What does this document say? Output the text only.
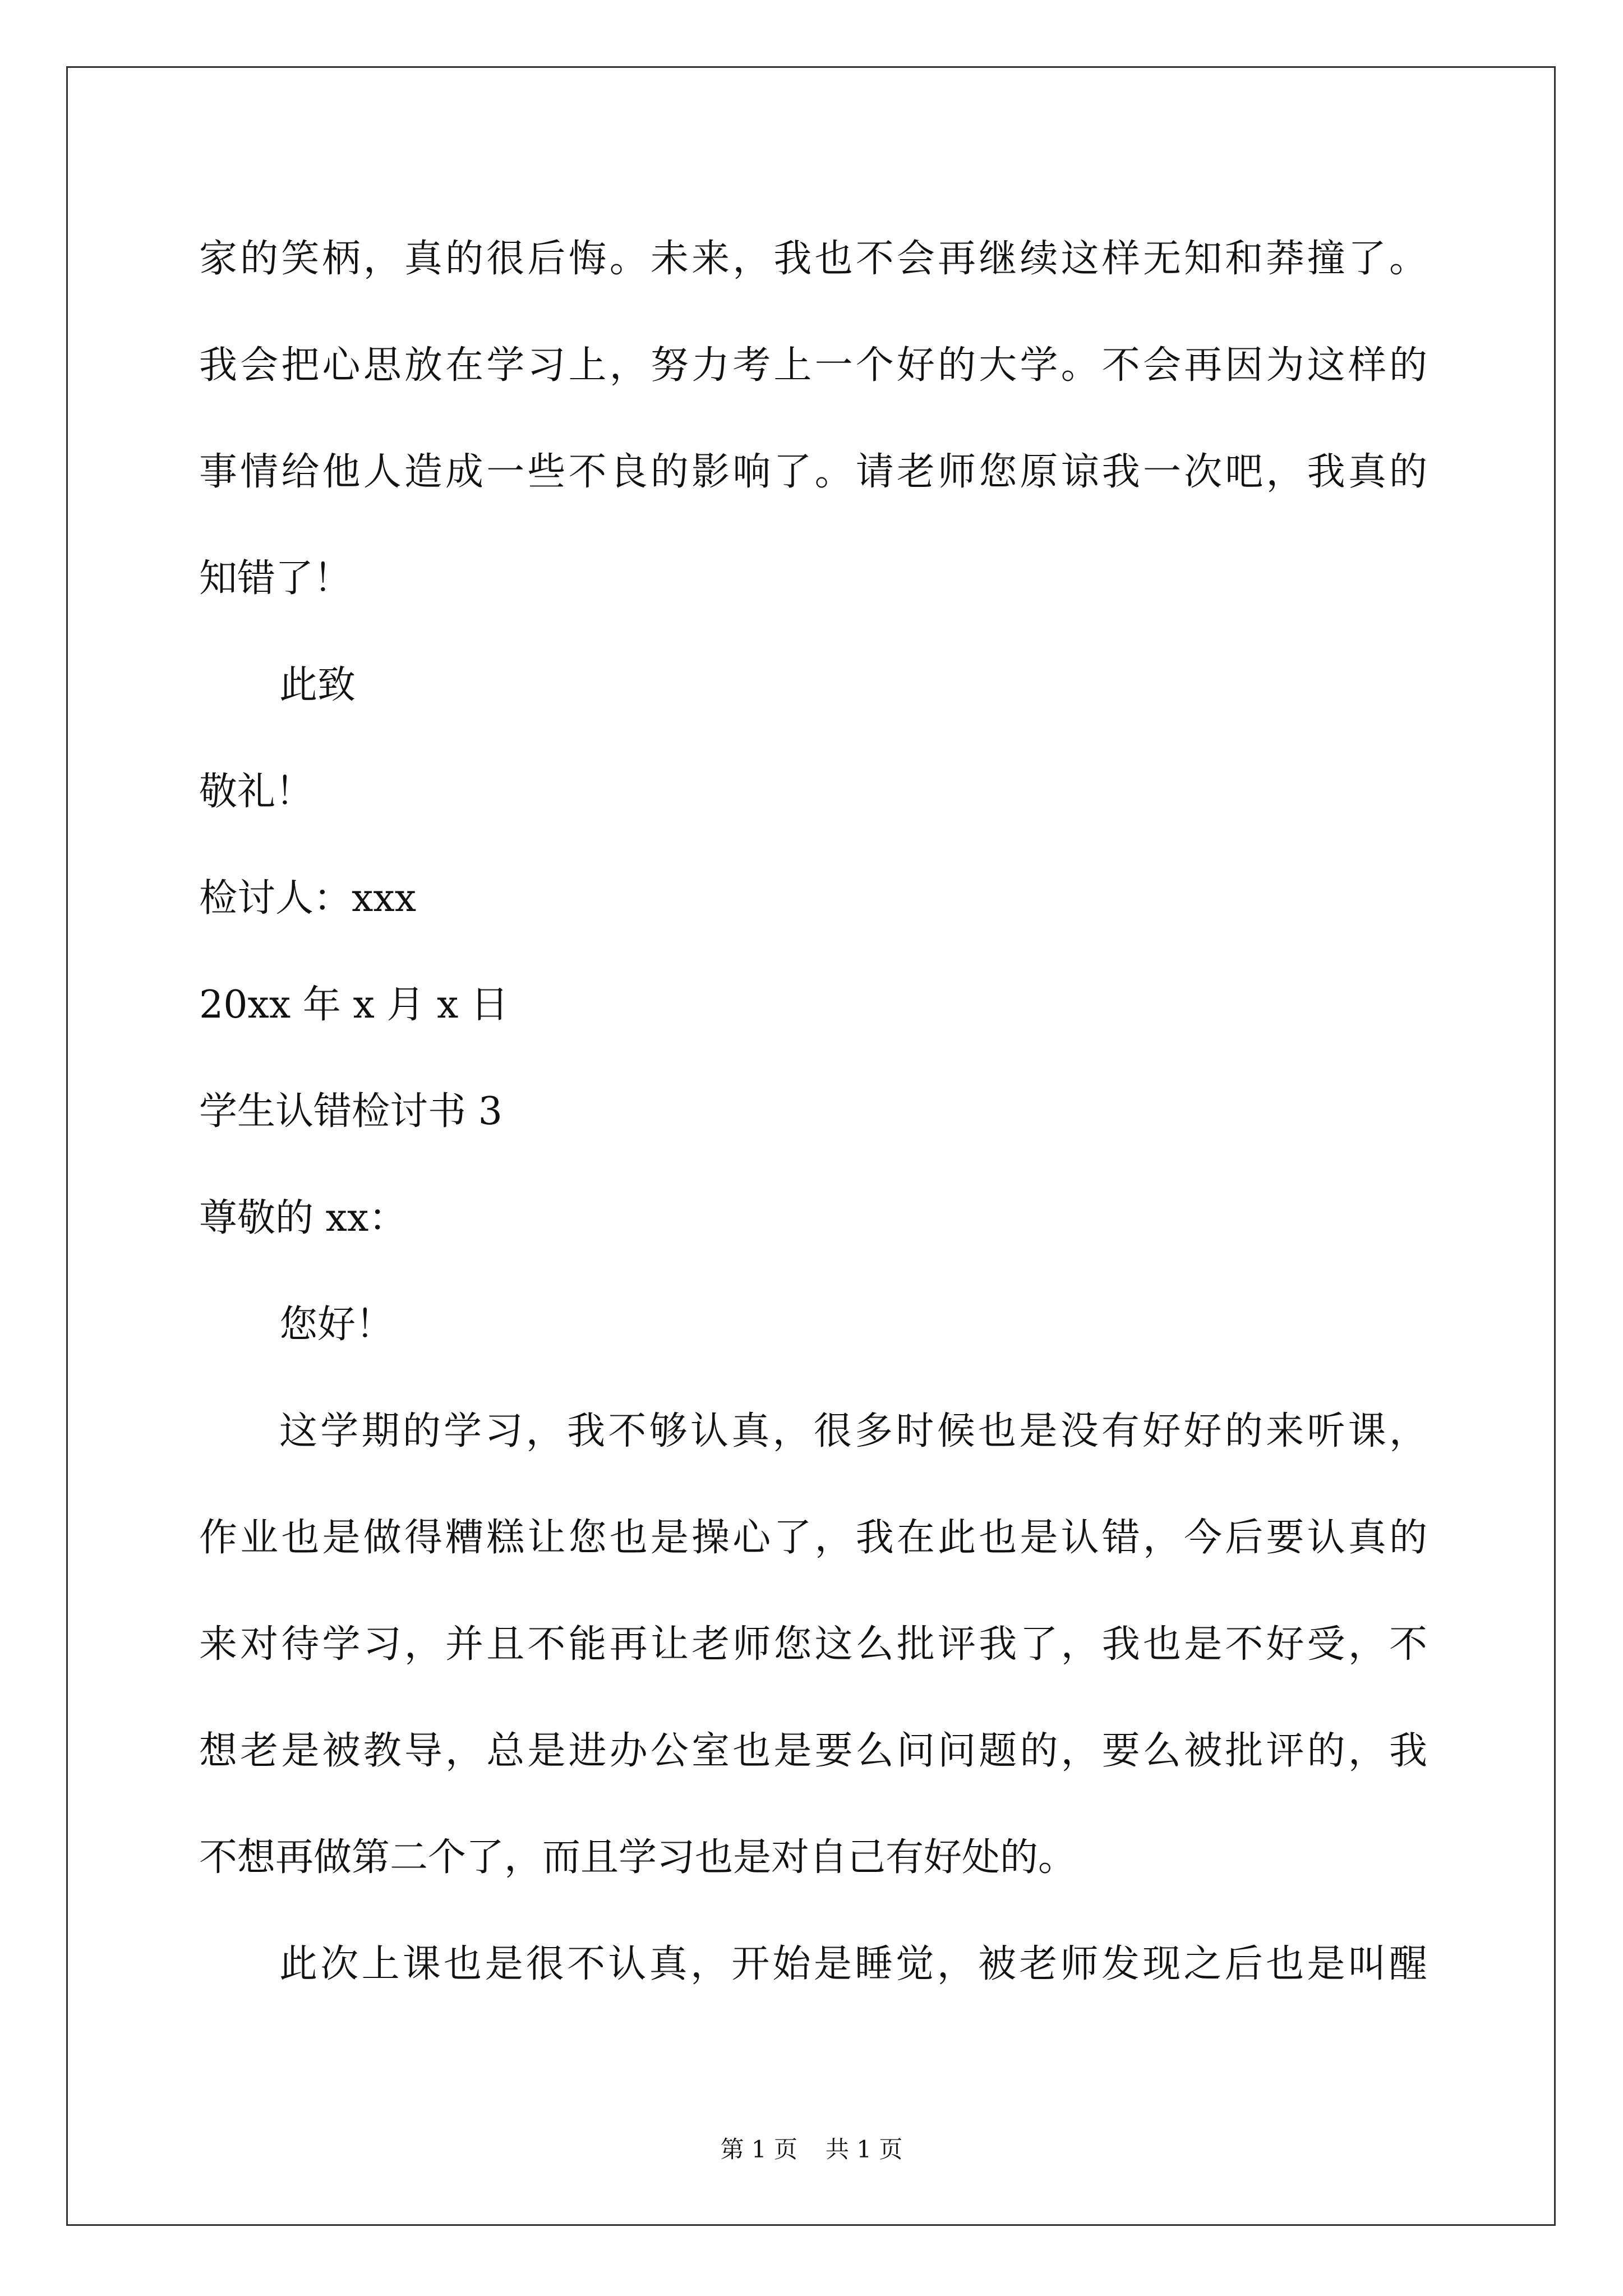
家的笑柄，真的很后悔。未来，我也不会再继续这样无知和莽撞了。

我会把心思放在学习上，努力考上一个好的大学。不会再因为这样的

事情给他人造成一些不良的影响了。请老师您原谅我一次吧，我真的

知错了！

此致

敬礼！

检讨人：xxx

20xx 年 x 月 x 日

学生认错检讨书 3

尊敬的 xx：

您好！

这学期的学习，我不够认真，很多时候也是没有好好的来听课，

作业也是做得糟糕让您也是操心了，我在此也是认错，今后要认真的

来对待学习，并且不能再让老师您这么批评我了，我也是不好受，不

想老是被教导，总是进办公室也是要么问问题的，要么被批评的，我

不想再做第二个了，而且学习也是对自己有好处的。

此次上课也是很不认真，开始是睡觉，被老师发现之后也是叫醒

第 1 页 共 1 页
